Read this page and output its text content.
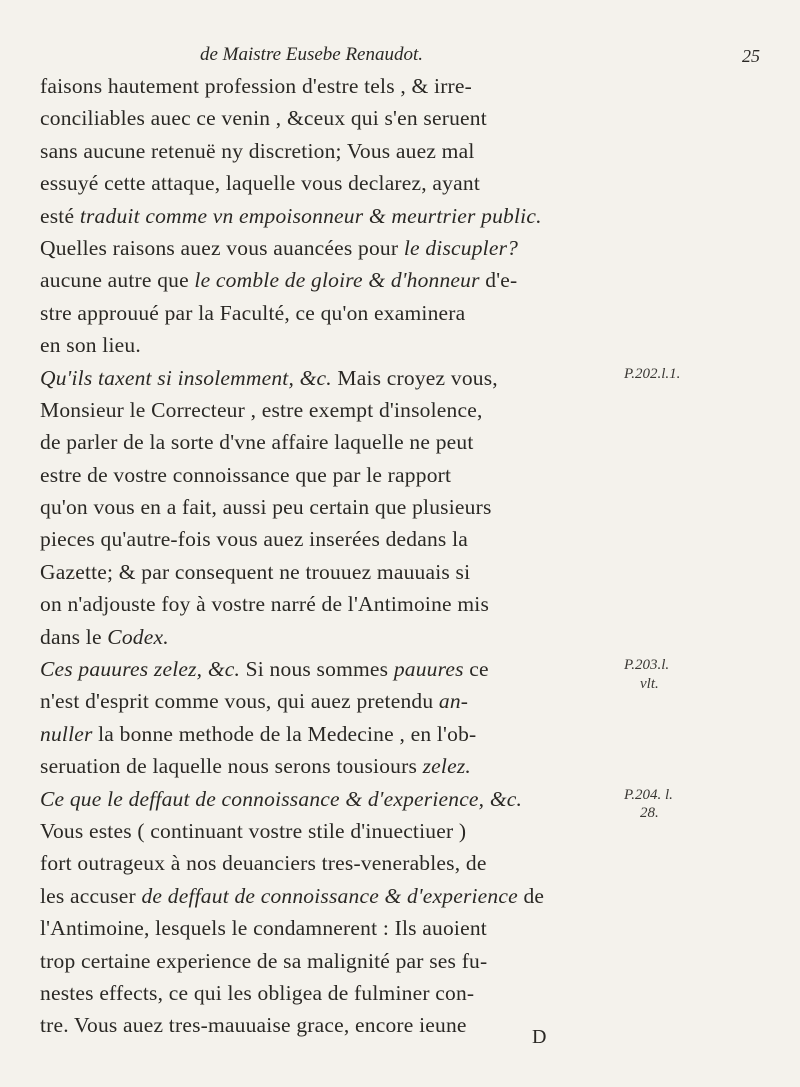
de Maistre Eusebe Renaudot.	25
faisons hautement profession d'estre tels , & irre-
conciliables auec ce venin , &ceux qui s'en seruent
sans aucune retenuë ny discretion; Vous auez mal
essuyé cette attaque, laquelle vous declarez, ayant
esté traduit comme vn empoisonneur & meurtrier public.
Quelles raisons auez vous auancées pour le discupler?
aucune autre que le comble de gloire & d'honneur d'e-
stre approuué par la Faculté, ce qu'on examinera
en son lieu.
Qu'ils taxent si insolemment, &c. Mais croyez vous,
Monsieur le Correcteur , estre exempt d'insolence,
de parler de la sorte d'vne affaire laquelle ne peut
estre de vostre connoissance que par le rapport
qu'on vous en a fait, aussi peu certain que plusieurs
pieces qu'autre-fois vous auez inserées dedans la
Gazette; & par consequent ne trouuez mauuais si
on n'adjouste foy à vostre narré de l'Antimoine mis
dans le Codex.
Ces pauures zelez, &c. Si nous sommes pauures ce
n'est d'esprit comme vous, qui auez pretendu an-
nuller la bonne methode de la Medecine , en l'ob-
seruation de laquelle nous serons tousiours zelez.
Ce que le deffaut de connoissance & d'experience, &c.
Vous estes ( continuant vostre stile d'inuectiuer )
fort outrageux à nos deuanciers tres-venerables, de
les accuser de deffaut de connoissance & d'experience de
l'Antimoine, lesquels le condamnerent : Ils auoient
trop certaine experience de sa malignité par ses fu-
nestes effects, ce qui les obligea de fulminer con-
tre. Vous auez tres-mauuaise grace, encore ieune
P.202.l.1.
P.203.l.
vlt.
P.204. l.
28.
D
